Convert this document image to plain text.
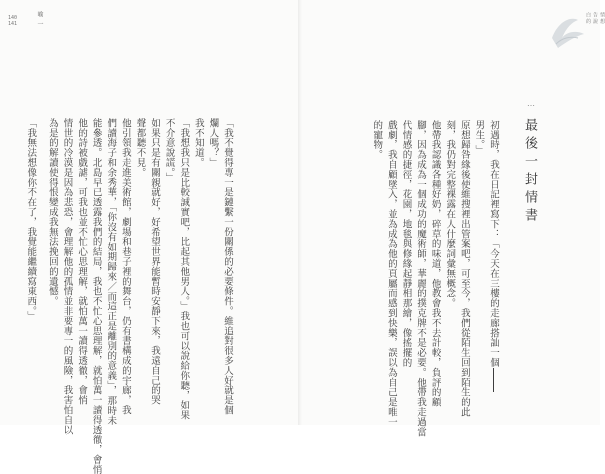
140
141	喻 一	情 想
告 說
白 的
⋯
最後一封情書

初遇時，我在日記裡寫下：「今天在三樓的走廊搭訕一個

男生。」

原想歸咎緣後使維搜裡出管案吧，可至今，我們從陌生回到陌生的此

刻，我仍對完整裸露在人什麼詞彙無概念。

他帶我認識各種好奶，碎草的味道，他教會我不去計較，負評的顧

腳，因為成為一個成功的魔術師，華麗的撲克牌不是必要。他帶我走過當

代情感的捷徑，花園，地毯與修緣起靜相那繪，像搖擺的

戲劇，我自顧墜入，並為成為他的頁屬而感到快樂，誤以為自己是唯一

的寵物。

「我不覺得專一是鏈繫一份關係的必要條件。維追對很多人好就是個

爛人嗎？」

我不知道。

「我想我只是比較誠實吧，比起其他男人。」我也可以說給你聽，如果

不介意說謊。」

如果只是有關親就好，好希望世界能暫時安靜下來，我遠自己的哭

聲都聽不見。

他引領我走進美術館，劇場和巷子裡的舞台，仍有書構成的宇廊，我

們讀海子和余秀華，「你沒有如期歸來／而這正是離別的意義」，那時未

能參透。北島早已透露我們的結局，我也不忙心思理解，就怕萬一讀得透徹，會悄

他的詩被戲謔，可我也並不忙心思理解，就怕萬一讀得透徹，會悄

情世的冷漠是因為悲恐，會理解他的孤情並非要專一的風險，我害怕自以

為是的解讀使得恨變成我無法挽回的遺憾。

「我無法想像你不在了，我覺能繼續寫東西。」
